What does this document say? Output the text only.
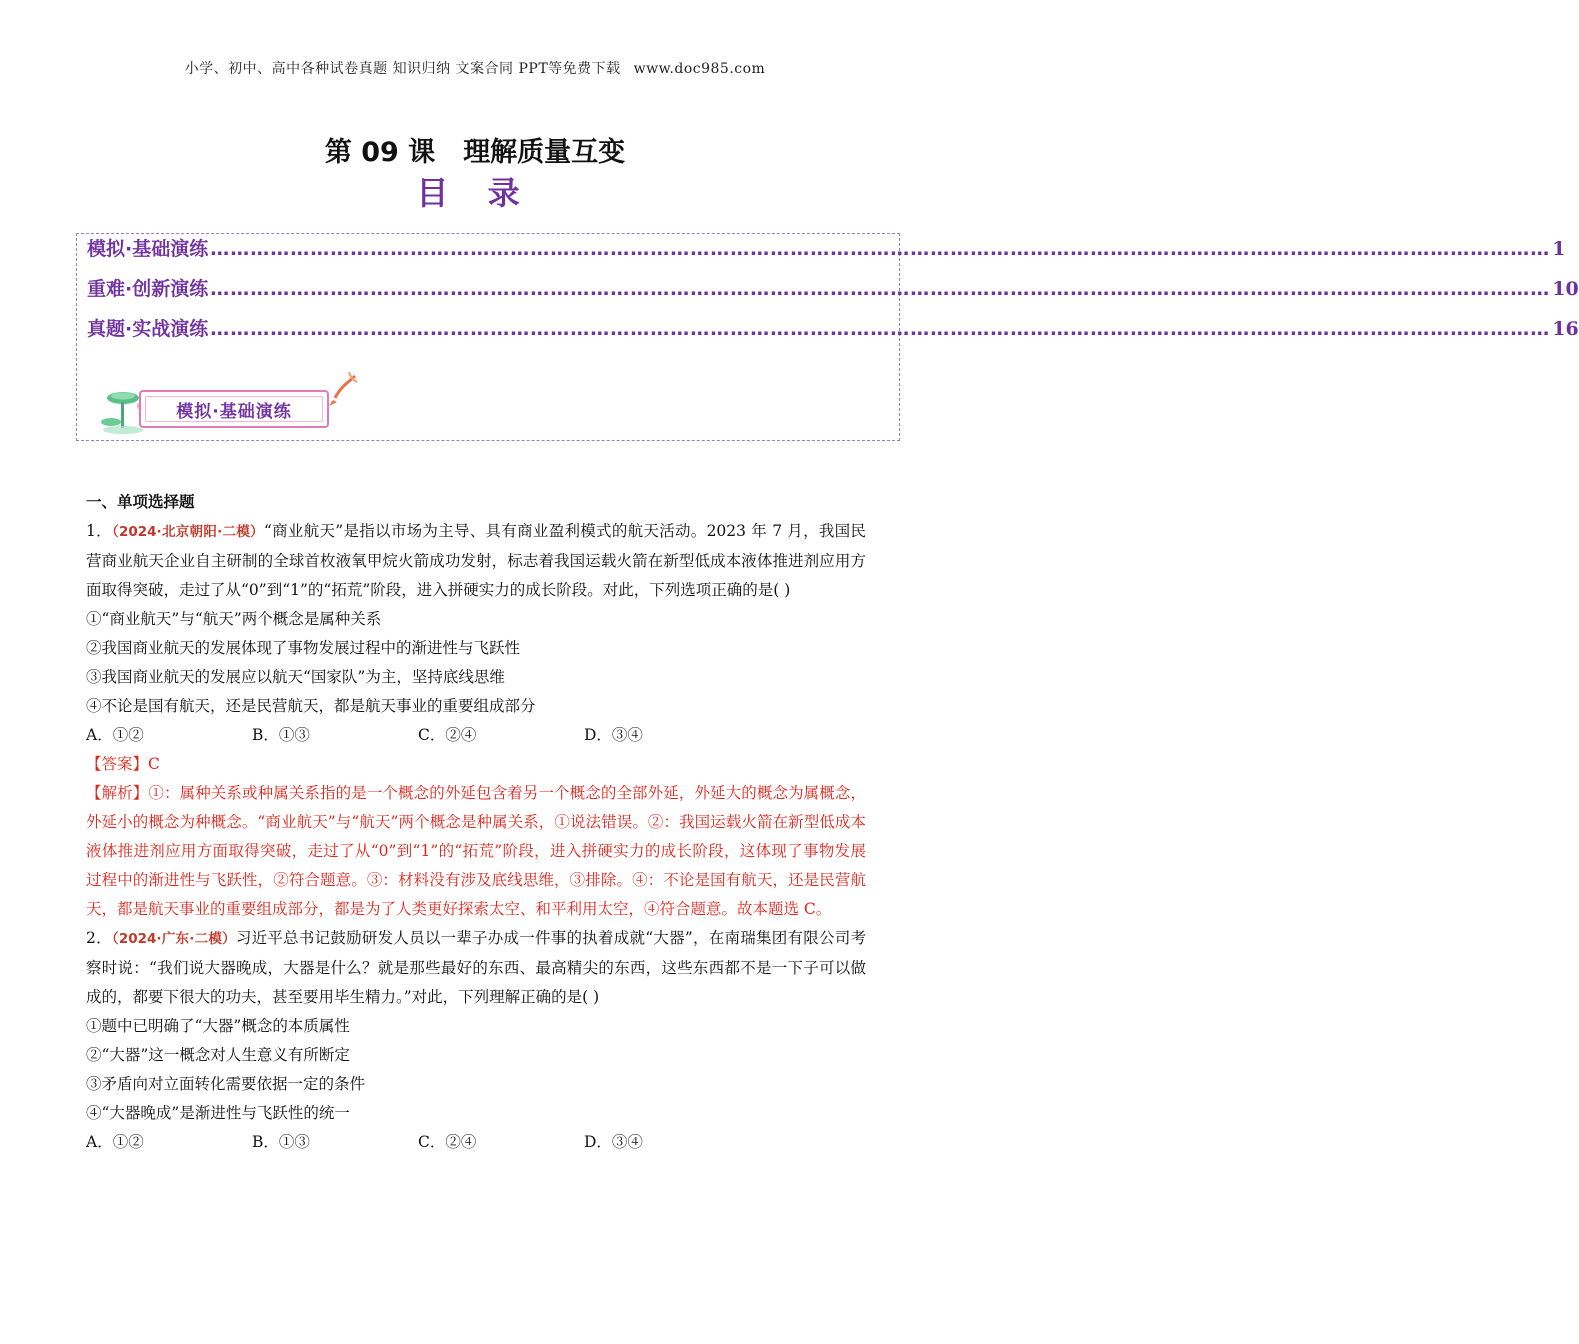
小学、初中、高中各种试卷真题 知识归纳 文案合同 PPT等免费下载 www.doc985.com
第 09 课 理解质量互变
目 录
模拟·基础演练 ………………………………………………………………………………………………………………………………………………………………………………… 1
重难·创新演练 ………………………………………………………………………………………………………………………………………………………………………………… 10
真题·实战演练 ………………………………………………………………………………………………………………………………………………………………………………… 16
模拟·基础演练
一、单项选择题

1．（2024·北京朝阳·二模）“商业航天”是指以市场为主导、具有商业盈利模式的航天活动。2023 年 7 月，我国民营商业航天企业自主研制的全球首枚液氧甲烷火箭成功发射，标志着我国运载火箭在新型低成本液体推进剂应用方面取得突破，走过了从“0”到“1”的“拓荒”阶段，进入拼硬实力的成长阶段。对此，下列选项正确的是( )

①“商业航天”与“航天”两个概念是属种关系
②我国商业航天的发展体现了事物发展过程中的渐进性与飞跃性
③我国商业航天的发展应以航天“国家队”为主，坚持底线思维
④不论是国有航天，还是民营航天，都是航天事业的重要组成部分
A．①②	B．①③	C．②④	D．③④
【答案】C

【解析】①：属种关系或种属关系指的是一个概念的外延包含着另一个概念的全部外延，外延大的概念为属概念，外延小的概念为种概念。“商业航天”与“航天”两个概念是种属关系，①说法错误。②：我国运载火箭在新型低成本液体推进剂应用方面取得突破，走过了从“0”到“1”的“拓荒”阶段，进入拼硬实力的成长阶段，这体现了事物发展过程中的渐进性与飞跃性，②符合题意。③：材料没有涉及底线思维，③排除。④：不论是国有航天，还是民营航天，都是航天事业的重要组成部分，都是为了人类更好探索太空、和平利用太空，④符合题意。故本题选 C。

2．（2024·广东·二模）习近平总书记鼓励研发人员以一辈子办成一件事的执着成就“大器”，在南瑞集团有限公司考察时说：“我们说大器晚成，大器是什么？就是那些最好的东西、最高精尖的东西，这些东西都不是一下子可以做成的，都要下很大的功夫，甚至要用毕生精力。”对此，下列理解正确的是( )

①题中已明确了“大器”概念的本质属性
②“大器”这一概念对人生意义有所断定
③矛盾向对立面转化需要依据一定的条件
④“大器晚成”是渐进性与飞跃性的统一
A．①②	B．①③	C．②④	D．③④
